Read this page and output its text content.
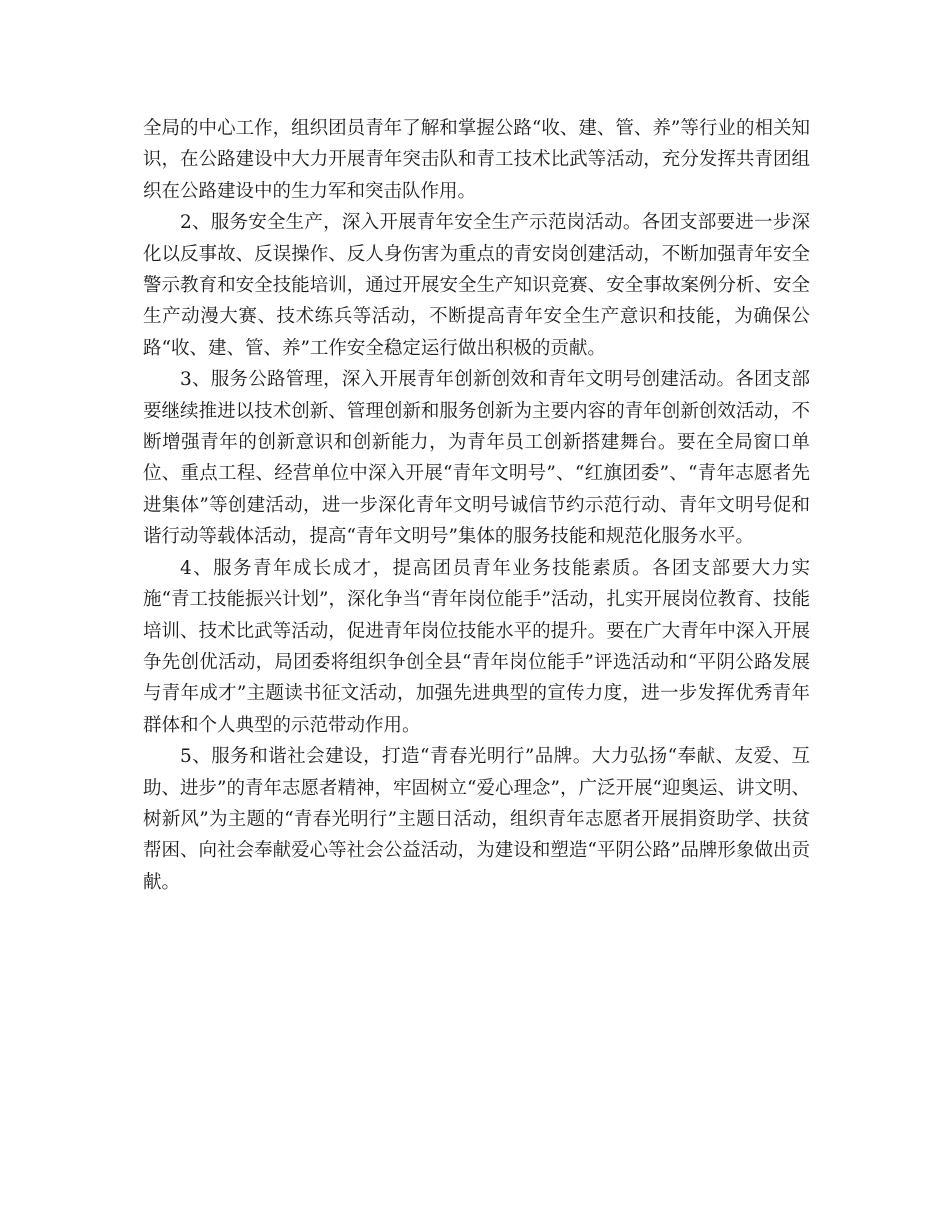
全局的中心工作，组织团员青年了解和掌握公路“收、建、管、养”等行业的相关知识，在公路建设中大力开展青年突击队和青工技术比武等活动，充分发挥共青团组织在公路建设中的生力军和突击队作用。

2、服务安全生产，深入开展青年安全生产示范岗活动。各团支部要进一步深化以反事故、反误操作、反人身伤害为重点的青安岗创建活动，不断加强青年安全警示教育和安全技能培训，通过开展安全生产知识竞赛、安全事故案例分析、安全生产动漫大赛、技术练兵等活动，不断提高青年安全生产意识和技能，为确保公路“收、建、管、养”工作安全稳定运行做出积极的贡献。

3、服务公路管理，深入开展青年创新创效和青年文明号创建活动。各团支部要继续推进以技术创新、管理创新和服务创新为主要内容的青年创新创效活动，不断增强青年的创新意识和创新能力，为青年员工创新搭建舞台。要在全局窗口单位、重点工程、经营单位中深入开展“青年文明号”、“红旗团委”、“青年志愿者先进集体”等创建活动，进一步深化青年文明号诚信节约示范行动、青年文明号促和谐行动等载体活动，提高“青年文明号”集体的服务技能和规范化服务水平。

4、服务青年成长成才，提高团员青年业务技能素质。各团支部要大力实施“青工技能振兴计划”，深化争当“青年岗位能手”活动，扎实开展岗位教育、技能培训、技术比武等活动，促进青年岗位技能水平的提升。要在广大青年中深入开展争先创优活动，局团委将组织争创全县“青年岗位能手”评选活动和“平阴公路发展与青年成才”主题读书征文活动，加强先进典型的宣传力度，进一步发挥优秀青年群体和个人典型的示范带动作用。

5、服务和谐社会建设，打造“青春光明行”品牌。大力弘扬“奉献、友爱、互助、进步”的青年志愿者精神，牢固树立“爱心理念”，广泛开展“迎奥运、讲文明、树新风”为主题的“青春光明行”主题日活动，组织青年志愿者开展捐资助学、扶贫帮困、向社会奉献爱心等社会公益活动，为建设和塑造“平阴公路”品牌形象做出贡献。
